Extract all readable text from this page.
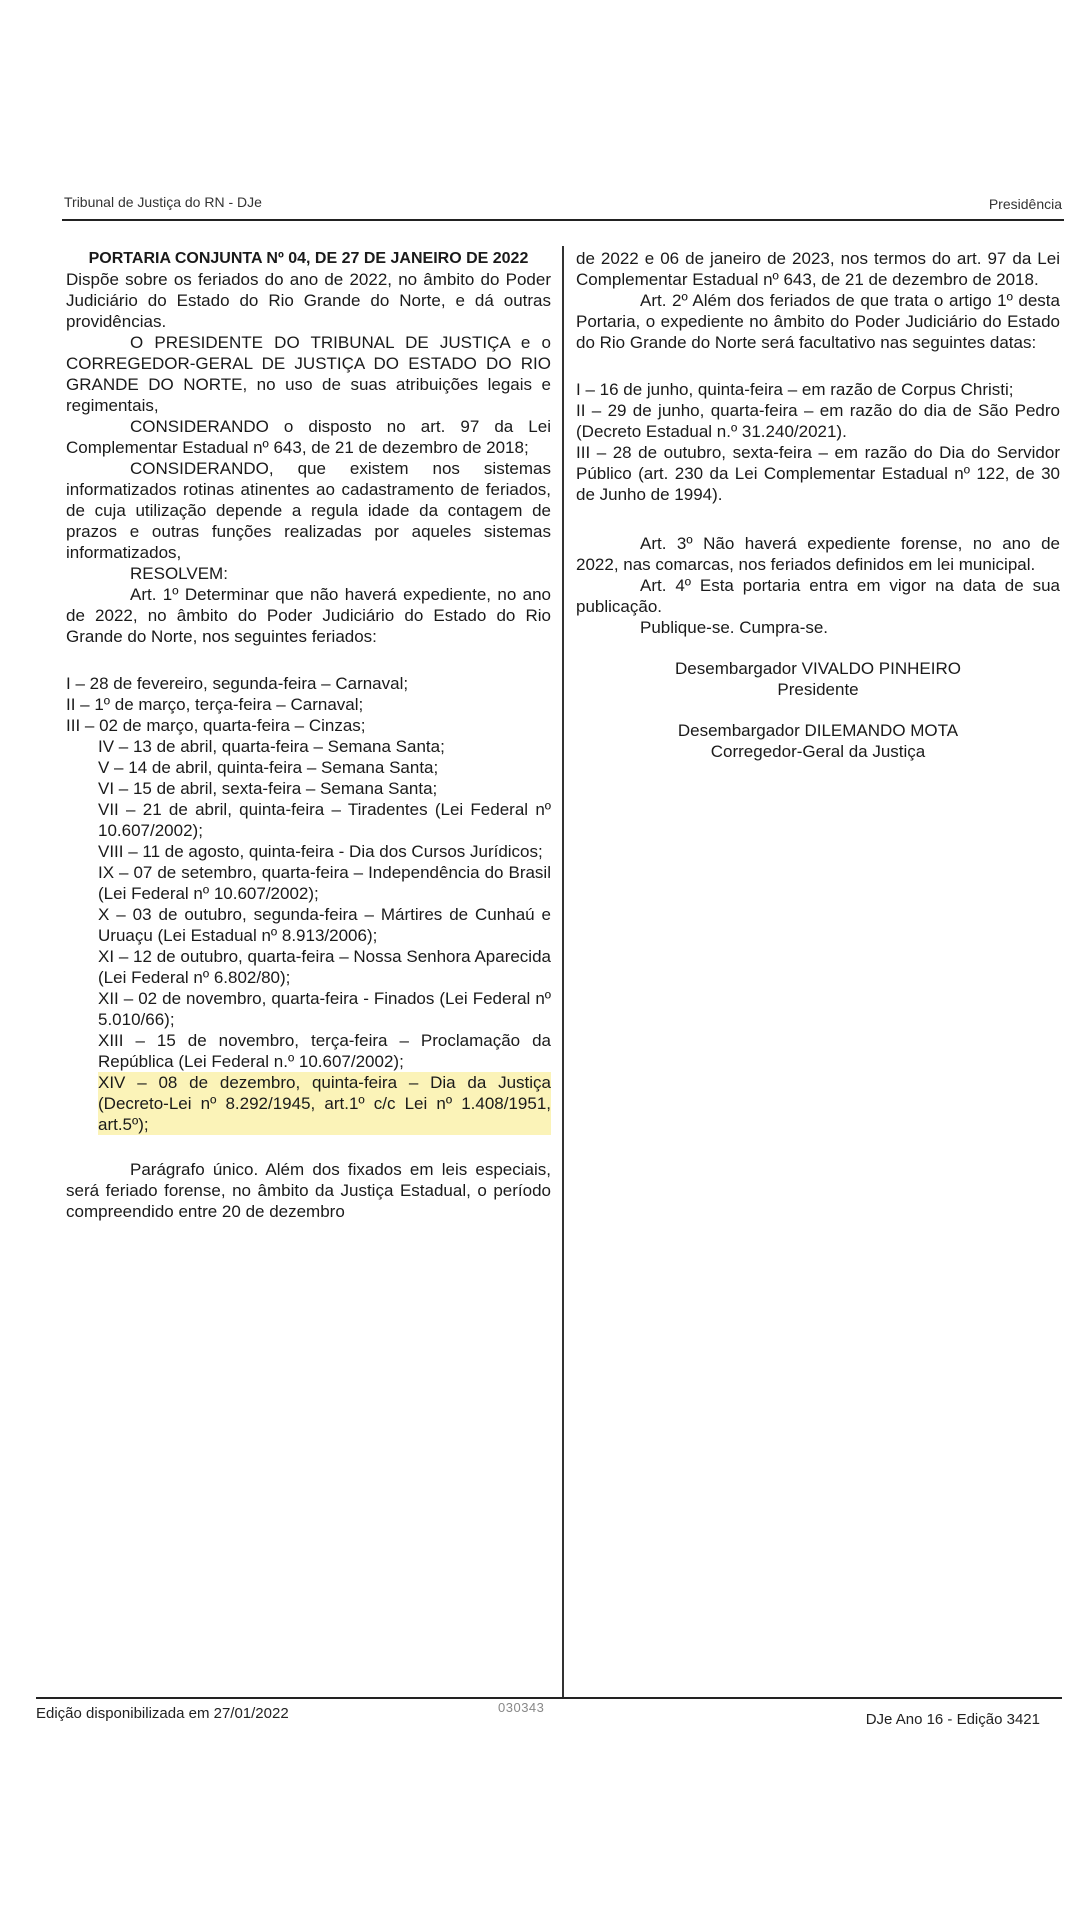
Tribunal de Justiça do RN - DJe	Presidência

PORTARIA CONJUNTA Nº 04, DE 27 DE JANEIRO DE 2022

Dispõe sobre os feriados do ano de 2022, no âmbito do Poder Judiciário do Estado do Rio Grande do Norte, e dá outras providências.

O PRESIDENTE DO TRIBUNAL DE JUSTIÇA e o CORREGEDOR-GERAL DE JUSTIÇA DO ESTADO DO RIO GRANDE DO NORTE, no uso de suas atribuições legais e regimentais,

CONSIDERANDO o disposto no art. 97 da Lei Complementar Estadual nº 643, de 21 de dezembro de 2018;

CONSIDERANDO, que existem nos sistemas informatizados rotinas atinentes ao cadastramento de feriados, de cuja utilização depende a regula idade da contagem de prazos e outras funções realizadas por aqueles sistemas informatizados,

RESOLVEM:

Art. 1º Determinar que não haverá expediente, no ano de 2022, no âmbito do Poder Judiciário do Estado do Rio Grande do Norte, nos seguintes feriados:

I – 28 de fevereiro, segunda-feira – Carnaval;

II – 1º de março, terça-feira – Carnaval;

III – 02 de março, quarta-feira – Cinzas;

IV – 13 de abril, quarta-feira – Semana Santa;

V – 14 de abril, quinta-feira – Semana Santa;

VI – 15 de abril, sexta-feira – Semana Santa;

VII – 21 de abril, quinta-feira – Tiradentes (Lei Federal nº 10.607/2002);

VIII – 11 de agosto, quinta-feira - Dia dos Cursos Jurídicos;

IX – 07 de setembro, quarta-feira – Independência do Brasil (Lei Federal nº 10.607/2002);

X – 03 de outubro, segunda-feira – Mártires de Cunhaú e Uruaçu (Lei Estadual nº 8.913/2006);

XI – 12 de outubro, quarta-feira – Nossa Senhora Aparecida (Lei Federal nº 6.802/80);

XII – 02 de novembro, quarta-feira - Finados (Lei Federal nº 5.010/66);

XIII – 15 de novembro, terça-feira – Proclamação da República (Lei Federal n.º 10.607/2002);

XIV – 08 de dezembro, quinta-feira – Dia da Justiça (Decreto-Lei nº 8.292/1945, art.1º c/c Lei nº 1.408/1951, art.5º);

Parágrafo único. Além dos fixados em leis especiais, será feriado forense, no âmbito da Justiça Estadual, o período compreendido entre 20 de dezembro

de 2022 e 06 de janeiro de 2023, nos termos do art. 97 da Lei Complementar Estadual nº 643, de 21 de dezembro de 2018.

Art. 2º Além dos feriados de que trata o artigo 1º desta Portaria, o expediente no âmbito do Poder Judiciário do Estado do Rio Grande do Norte será facultativo nas seguintes datas:

I – 16 de junho, quinta-feira – em razão de Corpus Christi;

II – 29 de junho, quarta-feira – em razão do dia de São Pedro (Decreto Estadual n.º 31.240/2021).

III – 28 de outubro, sexta-feira – em razão do Dia do Servidor Público (art. 230 da Lei Complementar Estadual nº 122, de 30 de Junho de 1994).

Art. 3º Não haverá expediente forense, no ano de 2022, nas comarcas, nos feriados definidos em lei municipal.

Art. 4º Esta portaria entra em vigor na data de sua publicação.

Publique-se. Cumpra-se.

Desembargador VIVALDO PINHEIRO

Presidente

Desembargador DILEMANDO MOTA

Corregedor-Geral da Justiça

Edição disponibilizada em 27/01/2022	030343
DJe Ano 16 - Edição 3421
